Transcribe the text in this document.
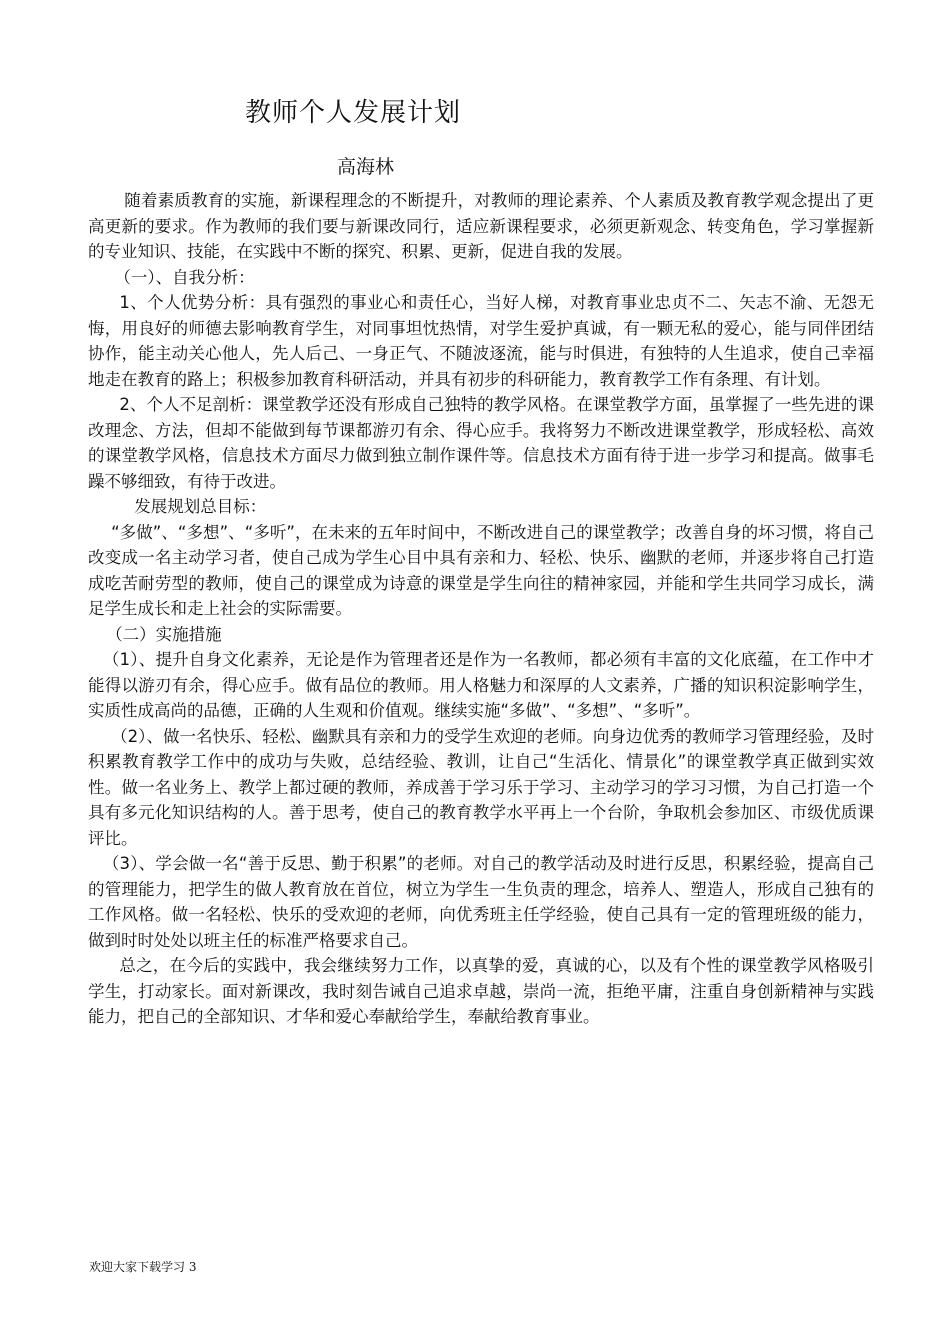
教师个人发展计划

高海林

随着素质教育的实施，新课程理念的不断提升，对教师的理论素养、个人素质及教育教学观念提出了更高更新的要求。作为教师的我们要与新课改同行，适应新课程要求，必须更新观念、转变角色，学习掌握新的专业知识、技能，在实践中不断的探究、积累、更新，促进自我的发展。

（一）、自我分析：

1、个人优势分析：具有强烈的事业心和责任心，当好人梯，对教育事业忠贞不二、矢志不渝、无怨无悔，用良好的师德去影响教育学生，对同事坦忱热情，对学生爱护真诚，有一颗无私的爱心，能与同伴团结协作，能主动关心他人，先人后己、一身正气、不随波逐流，能与时俱进，有独特的人生追求，使自己幸福地走在教育的路上；积极参加教育科研活动，并具有初步的科研能力，教育教学工作有条理、有计划。

2、个人不足剖析：课堂教学还没有形成自己独特的教学风格。在课堂教学方面，虽掌握了一些先进的课改理念、方法，但却不能做到每节课都游刃有余、得心应手。我将努力不断改进课堂教学，形成轻松、高效的课堂教学风格，信息技术方面尽力做到独立制作课件等。信息技术方面有待于进一步学习和提高。做事毛躁不够细致，有待于改进。

发展规划总目标：

“多做”、“多想”、“多听”，在未来的五年时间中，不断改进自己的课堂教学；改善自身的坏习惯，将自己改变成一名主动学习者，使自己成为学生心目中具有亲和力、轻松、快乐、幽默的老师，并逐步将自己打造成吃苦耐劳型的教师，使自己的课堂成为诗意的课堂是学生向往的精神家园，并能和学生共同学习成长，满足学生成长和走上社会的实际需要。

（二）实施措施

（1）、提升自身文化素养，无论是作为管理者还是作为一名教师，都必须有丰富的文化底蕴，在工作中才能得以游刃有余，得心应手。做有品位的教师。用人格魅力和深厚的人文素养，广播的知识积淀影响学生，实质性成高尚的品德，正确的人生观和价值观。继续实施“多做”、“多想”、“多听”。

（2）、做一名快乐、轻松、幽默具有亲和力的受学生欢迎的老师。向身边优秀的教师学习管理经验，及时积累教育教学工作中的成功与失败，总结经验、教训，让自己“生活化、情景化”的课堂教学真正做到实效性。做一名业务上、教学上都过硬的教师，养成善于学习乐于学习、主动学习的学习习惯，为自己打造一个具有多元化知识结构的人。善于思考，使自己的教育教学水平再上一个台阶，争取机会参加区、市级优质课评比。

（3）、学会做一名“善于反思、勤于积累”的老师。对自己的教学活动及时进行反思，积累经验，提高自己的管理能力，把学生的做人教育放在首位，树立为学生一生负责的理念，培养人、塑造人，形成自己独有的工作风格。做一名轻松、快乐的受欢迎的老师，向优秀班主任学经验，使自己具有一定的管理班级的能力，做到时时处处以班主任的标准严格要求自己。

总之，在今后的实践中，我会继续努力工作，以真挚的爱，真诚的心，以及有个性的课堂教学风格吸引学生，打动家长。面对新课改，我时刻告诫自己追求卓越，崇尚一流，拒绝平庸，注重自身创新精神与实践能力，把自己的全部知识、才华和爱心奉献给学生，奉献给教育事业。

欢迎大家下载学习 3
